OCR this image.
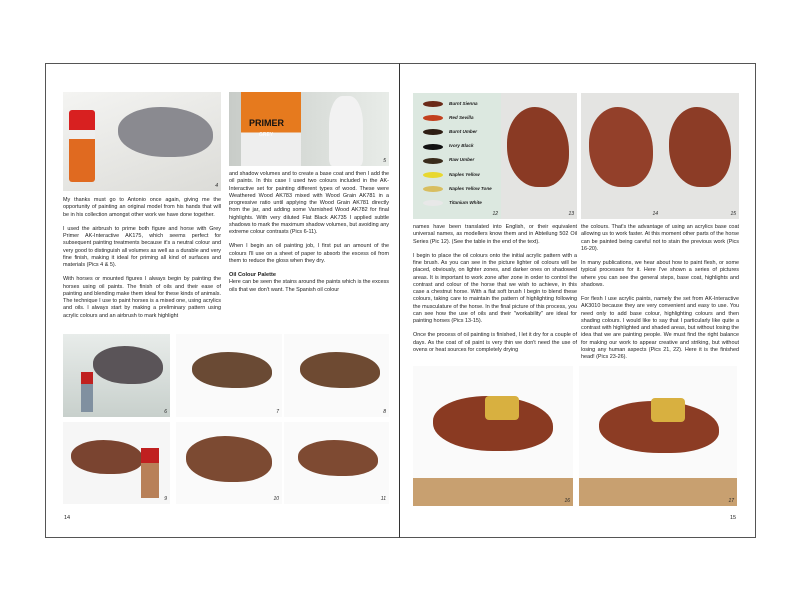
4
PRIMER
GREY
5

My thanks must go to Antonio once again, giving me the opportunity of painting an original model from his hands that will be in his collection amongst other work we have done together.

I used the airbrush to prime both figure and horse with Grey Primer AK-Interactive AK175, which seems perfect for subsequent painting treatments because it's a neutral colour and very good to distinguish all volumes as well as a durable and very fine finish, making it ideal for priming all kind of surfaces and materials (Pics 4 & 5).

With horses or mounted figures I always begin by painting the horses using oil paints. The finish of oils and their ease of painting and blending make them ideal for these kinds of animals. The technique I use to paint horses is a mixed one, using acrylics and oils. I always start by making a preliminary pattern using acrylic colours and an airbrush to mark highlight

and shadow volumes and to create a base coat and then I add the oil paints. In this case I used two colours included in the AK-Interactive set for painting different types of wood. These were Weathered Wood AK783 mixed with Wood Grain AK781 in a progressive ratio until applying the Wood Grain AK781 directly from the jar, and adding some Varnished Wood AK782 for final highlights. With very diluted Flat Black AK735 I applied subtle shadows to mark the maximum shadow volumes, but avoiding any extreme colour contrasts (Pics 6-11).

When I begin an oil painting job, I first put an amount of the colours I'll use on a sheet of paper to absorb the excess oil from them to reduce the gloss when they dry.

Oil Colour Palette

Here can be seen the stains around the paints which is the excess oils that we don't want. The Spanish oil colour

6	7	8
9	10	11
14
Burnt Sienna
Red Sevilla
Burnt Umber
Ivory Black
Raw Umber
Naples Yellow
Naples Yellow Tone
Titanium White
12	13	14	15

names have been translated into English, or their equivalent universal names, as modellers know them and in Abteilung 502 Oil Series (Pic 12). (See the table in the end of the text).

I begin to place the oil colours onto the initial acrylic pattern with a fine brush. As you can see in the picture lighter oil colours will be placed, obviously, on lighter zones, and darker ones on shadowed areas. It is important to work zone after zone in order to control the contrast and colour of the horse that we wish to achieve, in this case a chestnut horse. With a flat soft brush I begin to blend these colours, taking care to maintain the pattern of highlighting following the musculature of the horse. In the final picture of this process, you can see how the use of oils and their "workability" are ideal for painting horses (Pics 13-15).

Once the process of oil painting is finished, I let it dry for a couple of days. As the coat of oil paint is very thin we don't need the use of ovens or heat sources for completely drying

the colours. That's the advantage of using an acrylics base coat allowing us to work faster. At this moment other parts of the horse can be painted being careful not to stain the previous work (Pics 16-20).

In many publications, we hear about how to paint flesh, or some typical processes for it. Here I've shown a series of pictures where you can see the general steps, base coat, highlights and shadows.

For flesh I use acrylic paints, namely the set from AK-Interactive AK3010 because they are very convenient and easy to use. You need only to add base colour, highlighting colours and then shading colours. I would like to say that I particularly like quite a contrast with highlighted and shaded areas, but without losing the idea that we are painting people. We must find the right balance for making our work to appear creative and striking, but without losing any human aspects (Pics 21, 22). Here it is the finished head! (Pics 23-26).

16	17
15
